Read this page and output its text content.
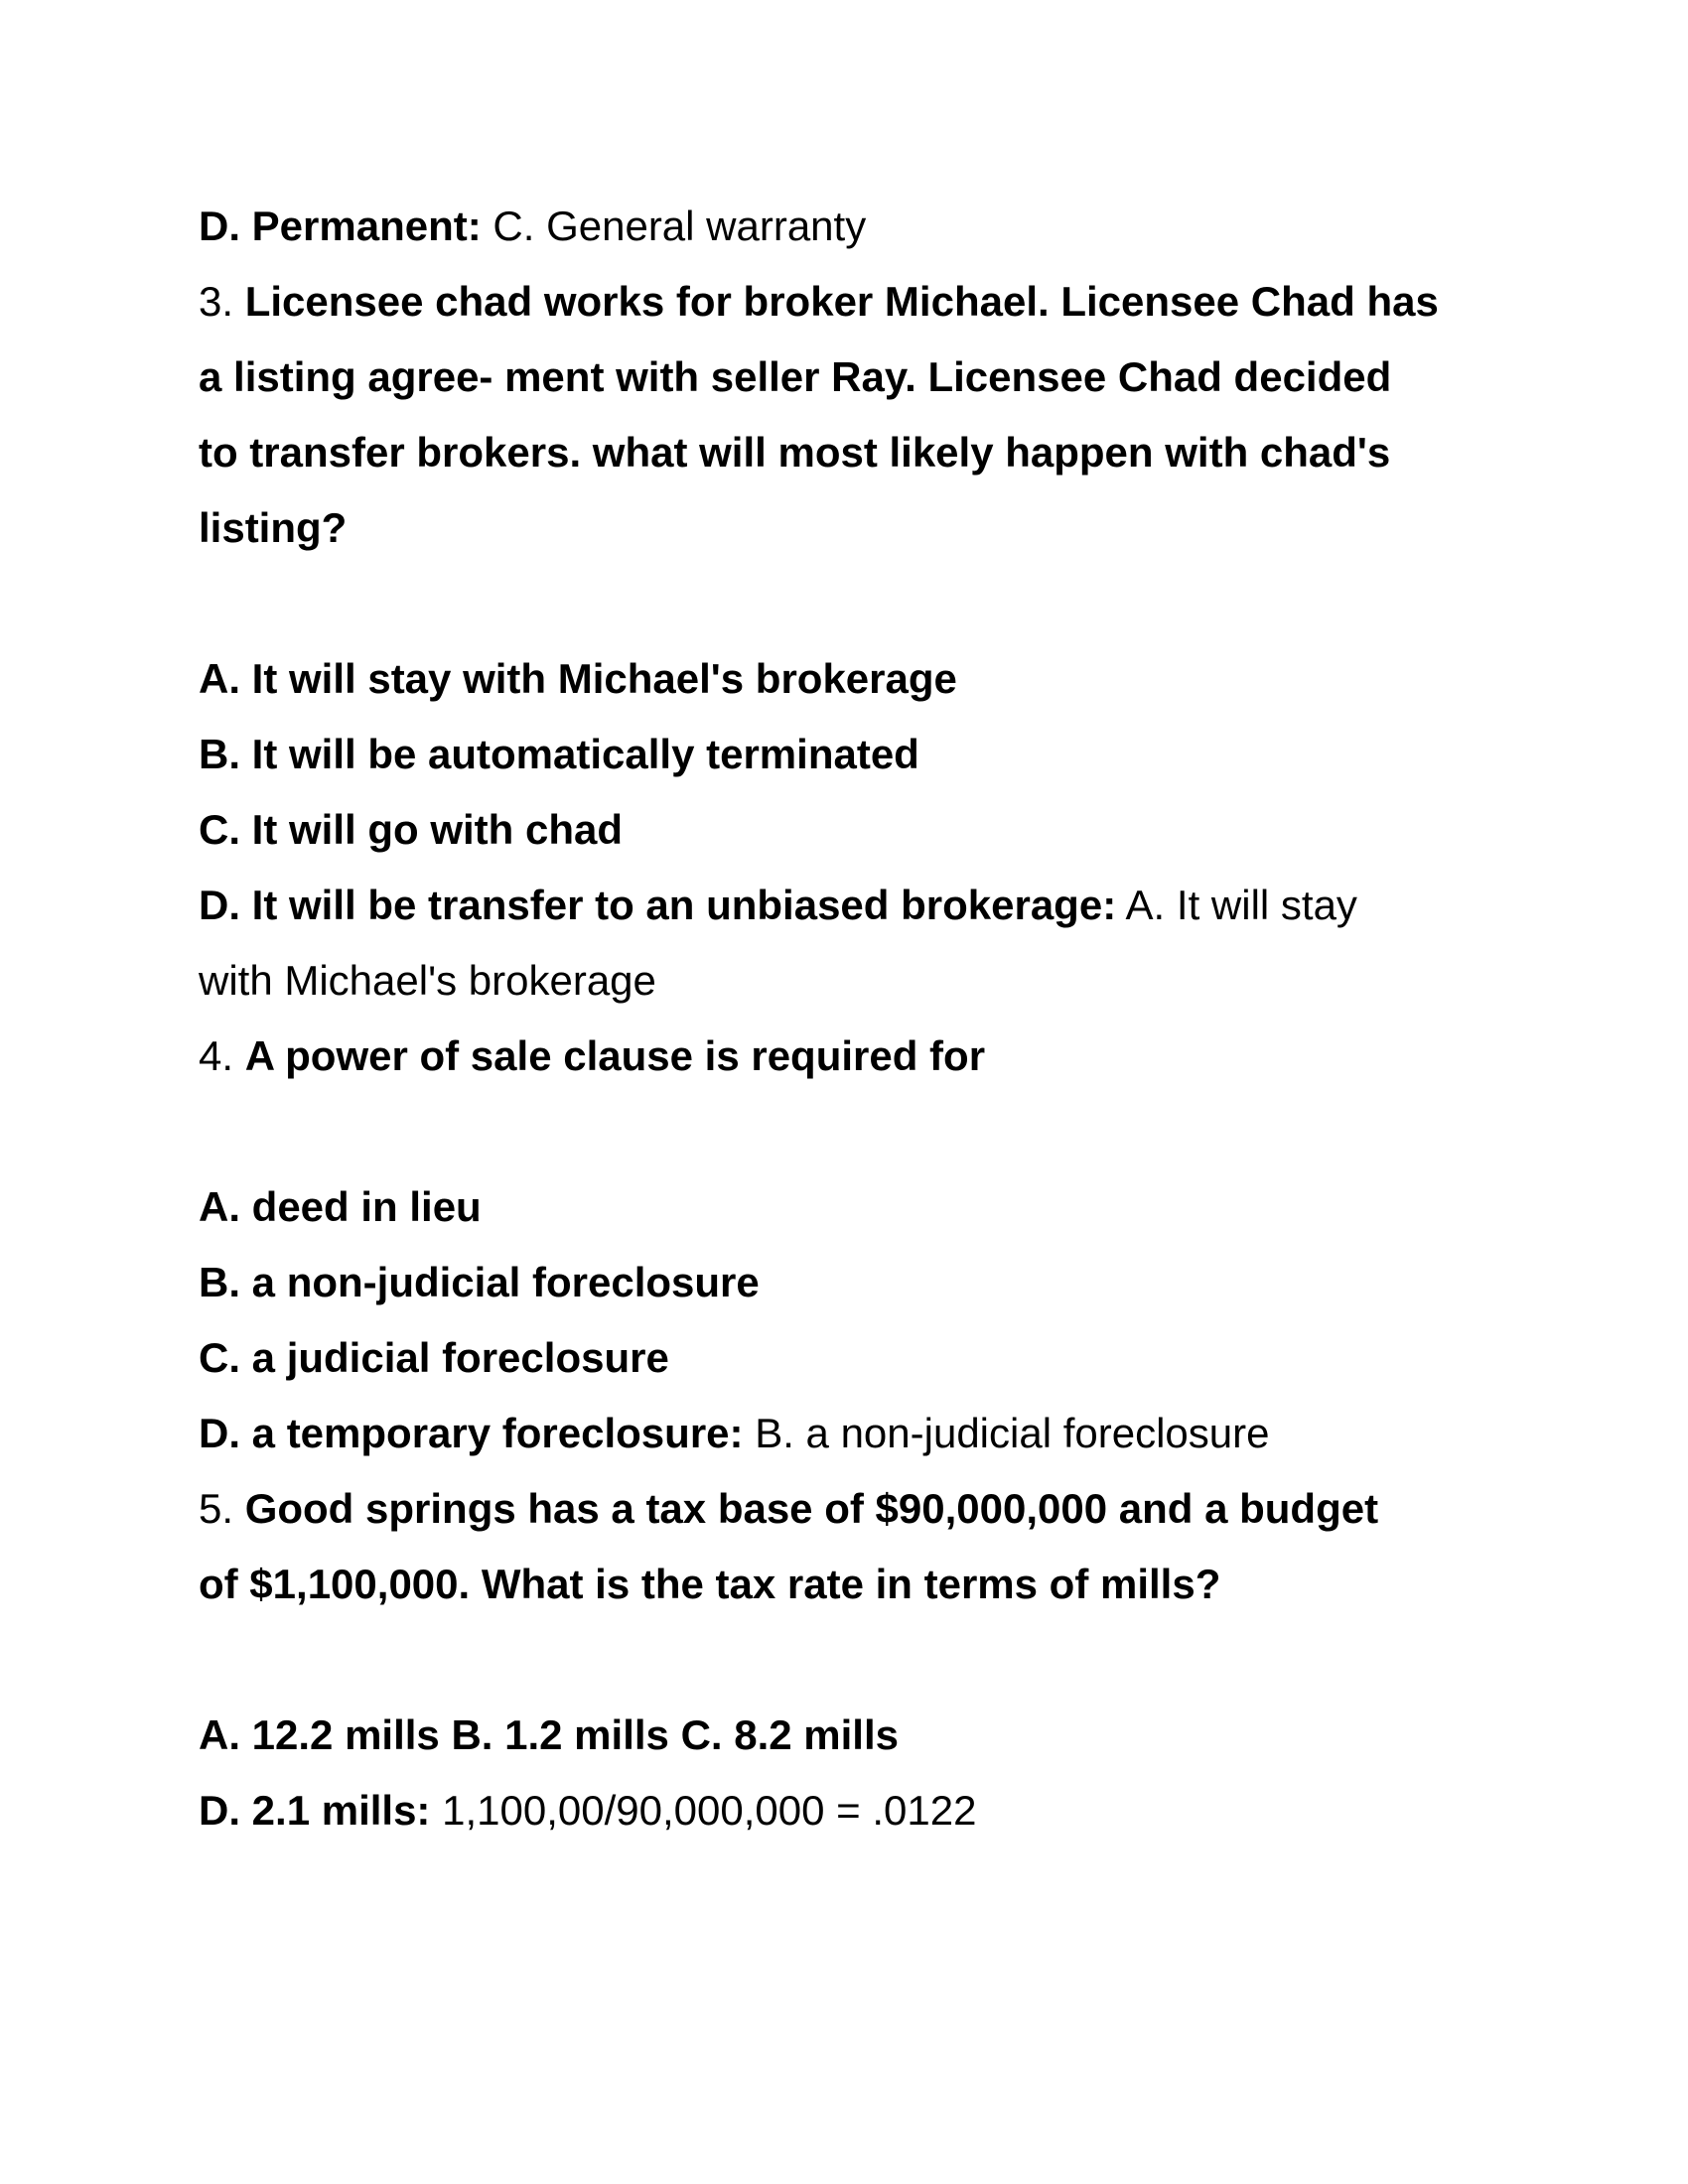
D. Permanent: C. General warranty

3. Licensee chad works for broker Michael. Licensee Chad has

a listing agree- ment with seller Ray. Licensee Chad decided

to transfer brokers. what will most likely happen with chad's

listing?

A. It will stay with Michael's brokerage

B. It will be automatically terminated

C. It will go with chad

D. It will be transfer to an unbiased brokerage: A. It will stay

with Michael's brokerage

4. A power of sale clause is required for

A. deed in lieu

B. a non-judicial foreclosure

C. a judicial foreclosure

D. a temporary foreclosure: B. a non-judicial foreclosure

5. Good springs has a tax base of $90,000,000 and a budget

of $1,100,000. What is the tax rate in terms of mills?

A. 12.2 mills B. 1.2 mills C. 8.2 mills

D. 2.1 mills: 1,100,00/90,000,000 = .0122
